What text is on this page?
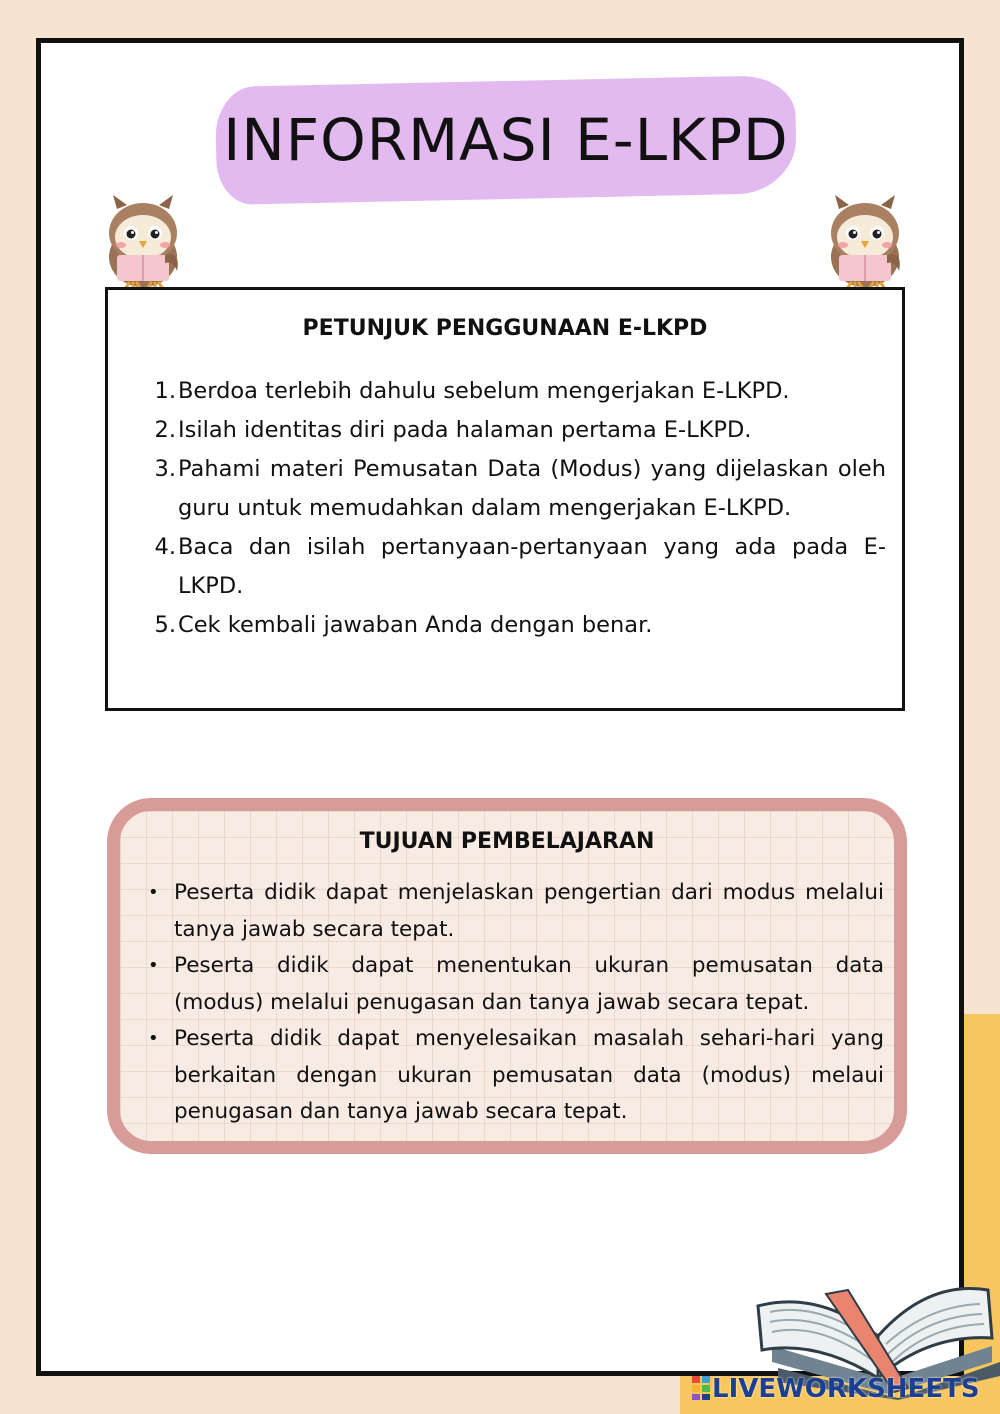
INFORMASI E-LKPD
PETUNJUK PENGGUNAAN E-LKPD
1. Berdoa terlebih dahulu sebelum mengerjakan E-LKPD.
2. Isilah identitas diri pada halaman pertama E-LKPD.
3. Pahami materi Pemusatan Data (Modus) yang dijelaskan oleh guru untuk memudahkan dalam mengerjakan E-LKPD.
4. Baca dan isilah pertanyaan-pertanyaan yang ada pada E-LKPD.
5. Cek kembali jawaban Anda dengan benar.
TUJUAN PEMBELAJARAN
• Peserta didik dapat menjelaskan pengertian dari modus melalui tanya jawab secara tepat.
• Peserta didik dapat menentukan ukuran pemusatan data (modus) melalui penugasan dan tanya jawab secara tepat.
• Peserta didik dapat menyelesaikan masalah sehari-hari yang berkaitan dengan ukuran pemusatan data (modus) melaui penugasan dan tanya jawab secara tepat.
LIVEWORKSHEETS
